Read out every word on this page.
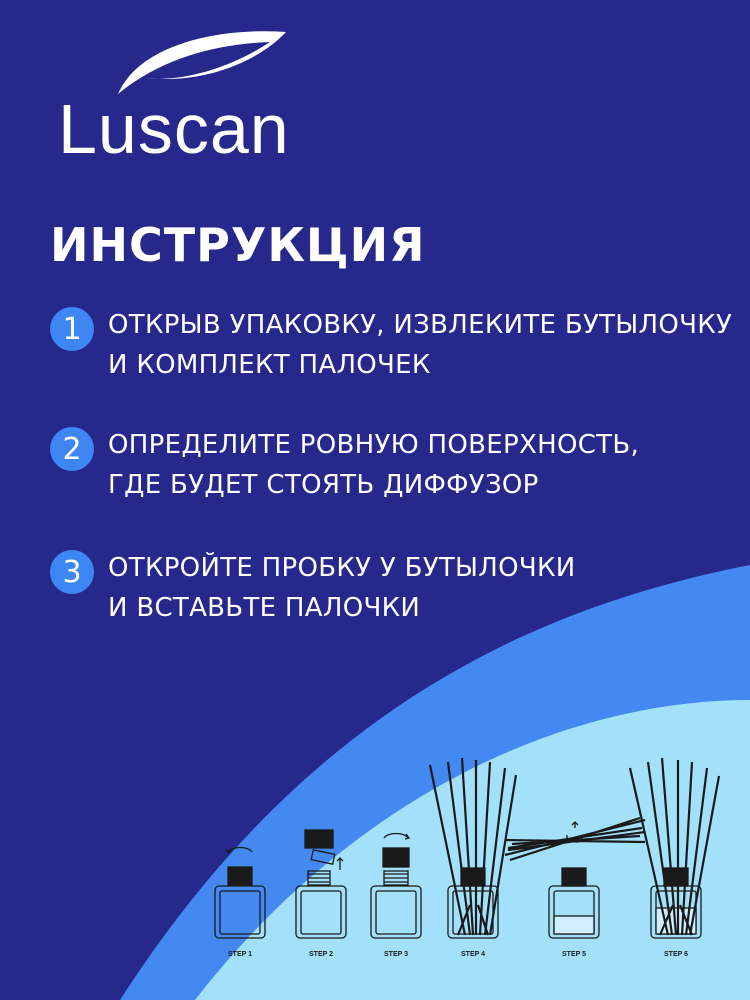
Luscan
ИНСТРУКЦИЯ
1	ОТКРЫВ УПАКОВКУ, ИЗВЛЕКИТЕ БУТЫЛОЧКУ
И КОМПЛЕКТ ПАЛОЧЕК
2	ОПРЕДЕЛИТЕ РОВНУЮ ПОВЕРХНОСТЬ,
ГДЕ БУДЕТ СТОЯТЬ ДИФФУЗОР
3	ОТКРОЙТЕ ПРОБКУ У БУТЫЛОЧКИ
И ВСТАВЬТЕ ПАЛОЧКИ
STEP 1	STEP 2	STEP 3	STEP 4	STEP 5	STEP 6
